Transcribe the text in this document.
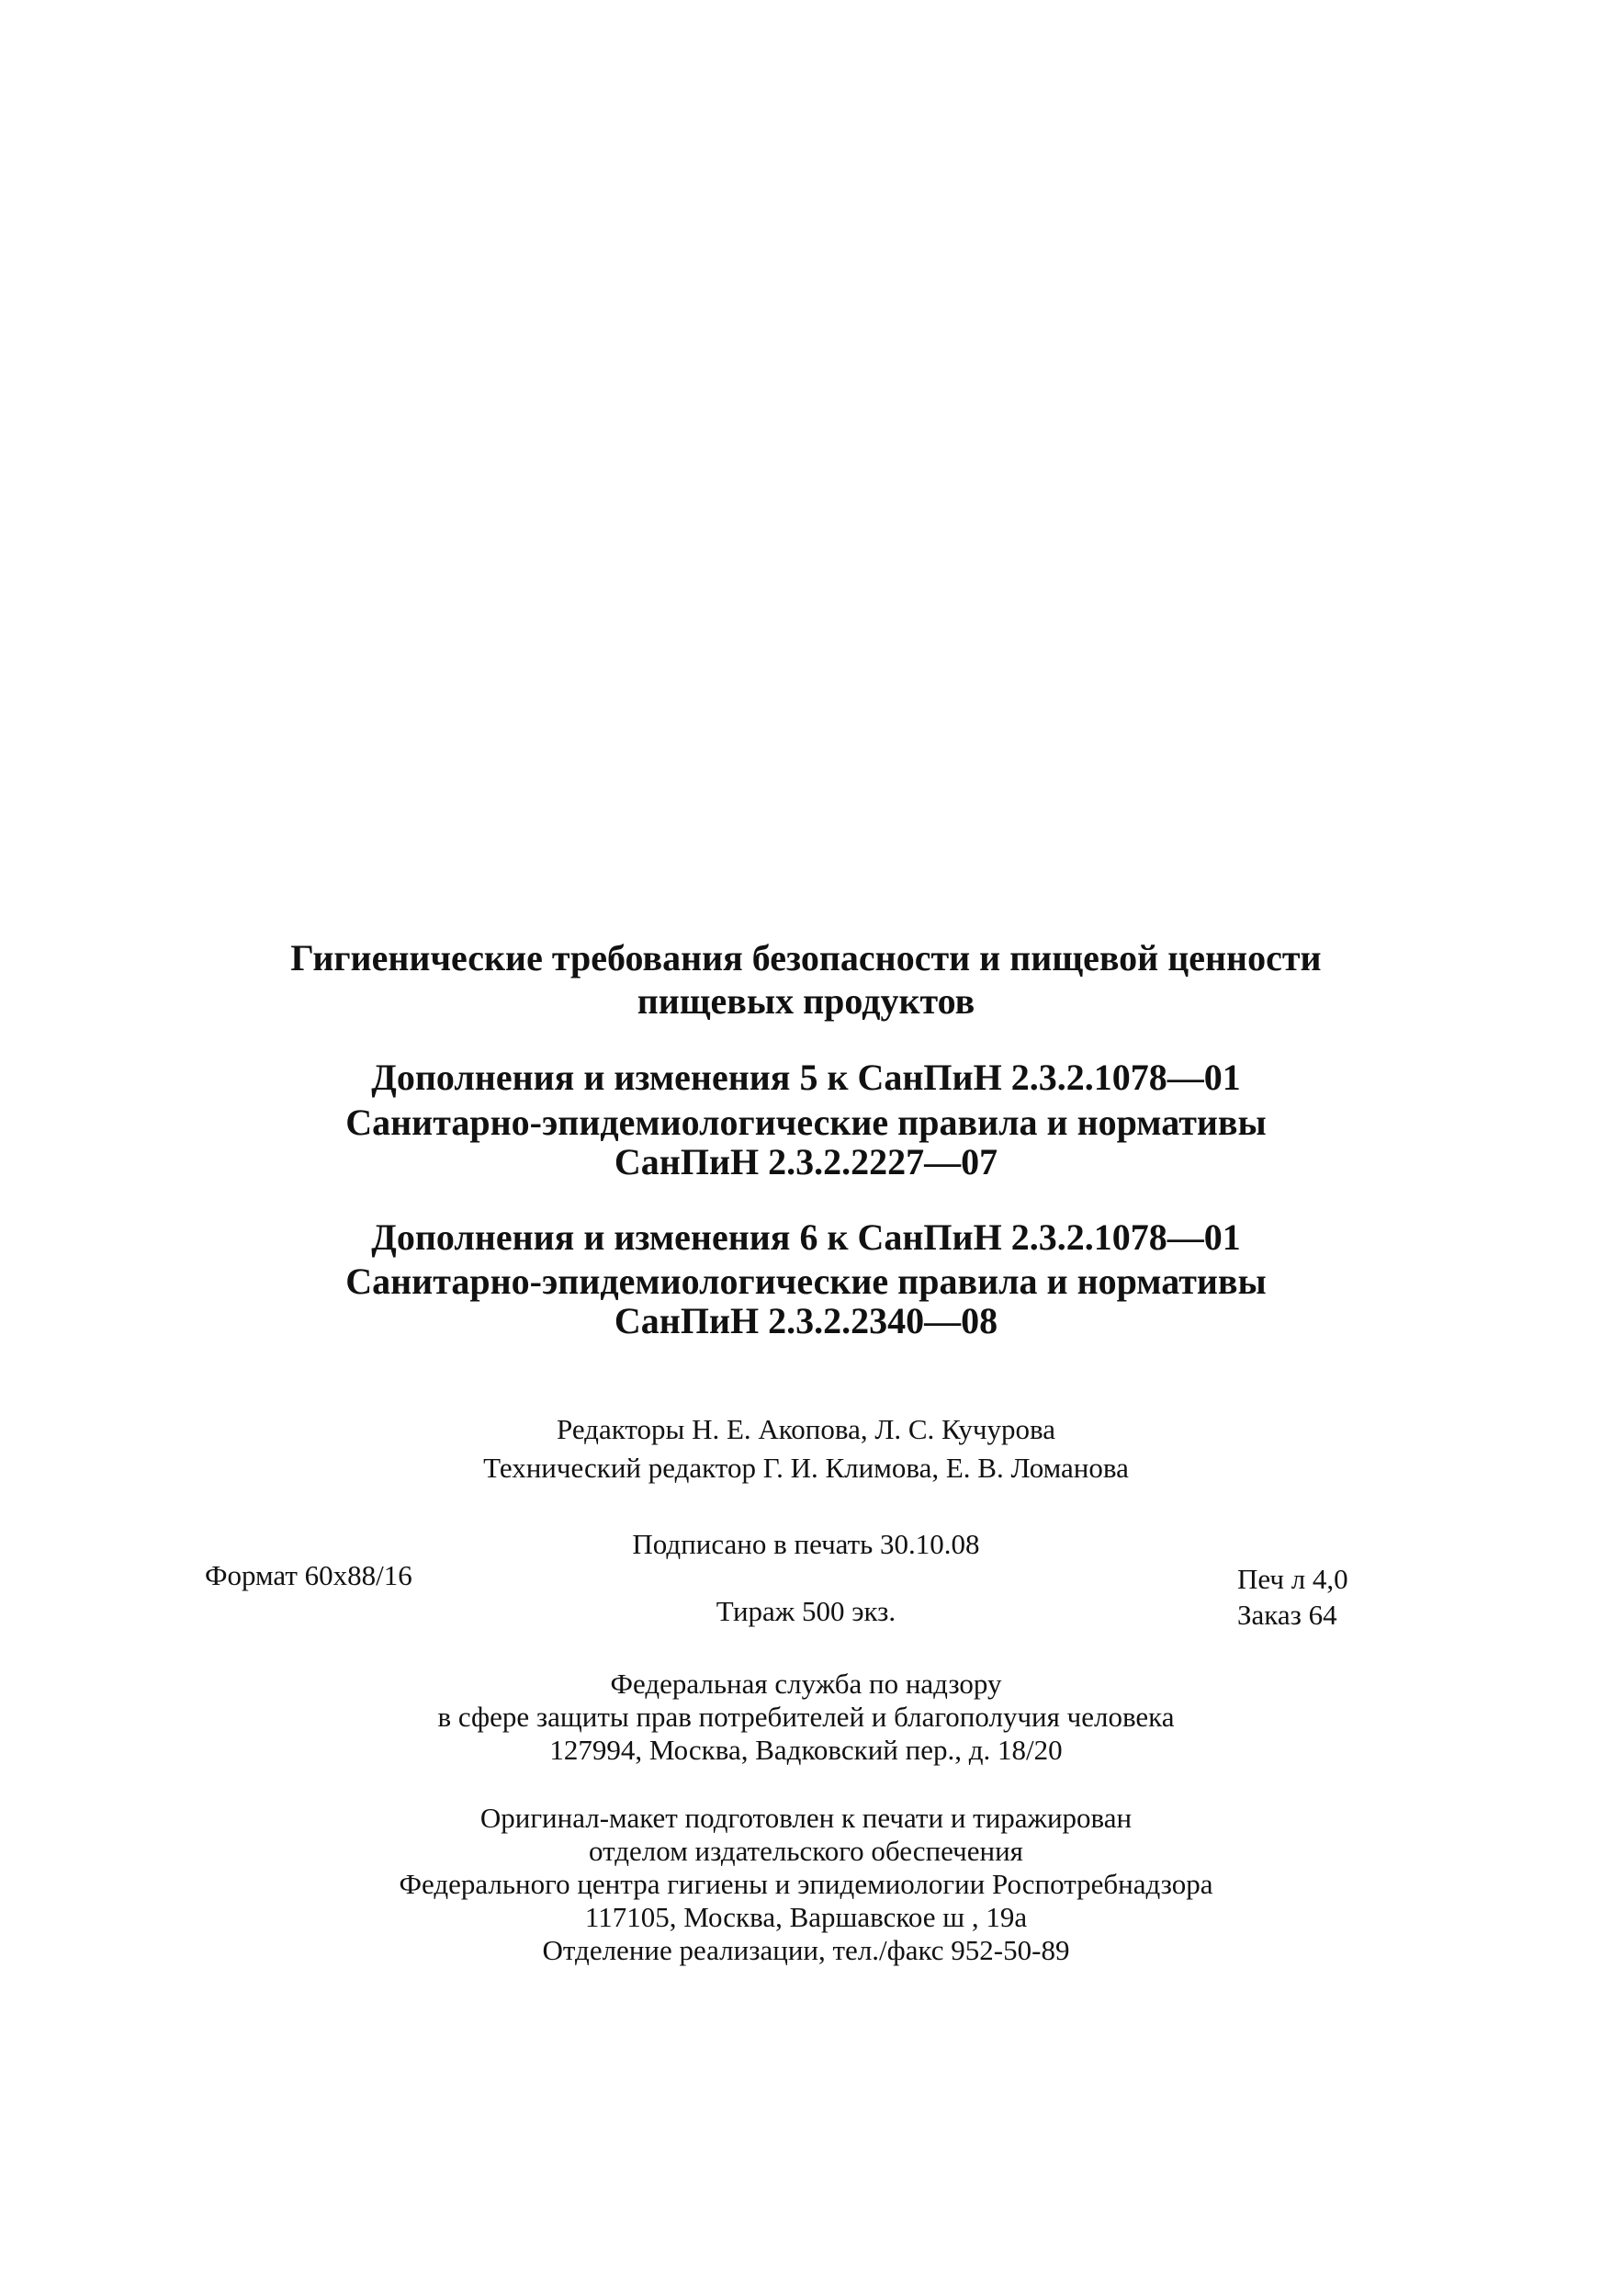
Гигиенические требования безопасности и пищевой ценности
пищевых продуктов
Дополнения и изменения 5 к СанПиН 2.3.2.1078—01
Санитарно-эпидемиологические правила и нормативы
СанПиН 2.3.2.2227—07
Дополнения и изменения 6 к СанПиН 2.3.2.1078—01
Санитарно-эпидемиологические правила и нормативы
СанПиН 2.3.2.2340—08
Редакторы Н. Е. Акопова, Л. С. Кучурова
Технический редактор Г. И. Климова, Е. В. Ломанова
Подписано в печать 30.10.08
Формат 60x88/16	Печ л 4,0
Тираж 500 экз.	Заказ 64
Федеральная служба по надзору
в сфере защиты прав потребителей и благополучия человека
127994, Москва, Вадковский пер., д. 18/20
Оригинал-макет подготовлен к печати и тиражирован
отделом издательского обеспечения
Федерального центра гигиены и эпидемиологии Роспотребнадзора
117105, Москва, Варшавское ш , 19а
Отделение реализации, тел./факс 952-50-89
